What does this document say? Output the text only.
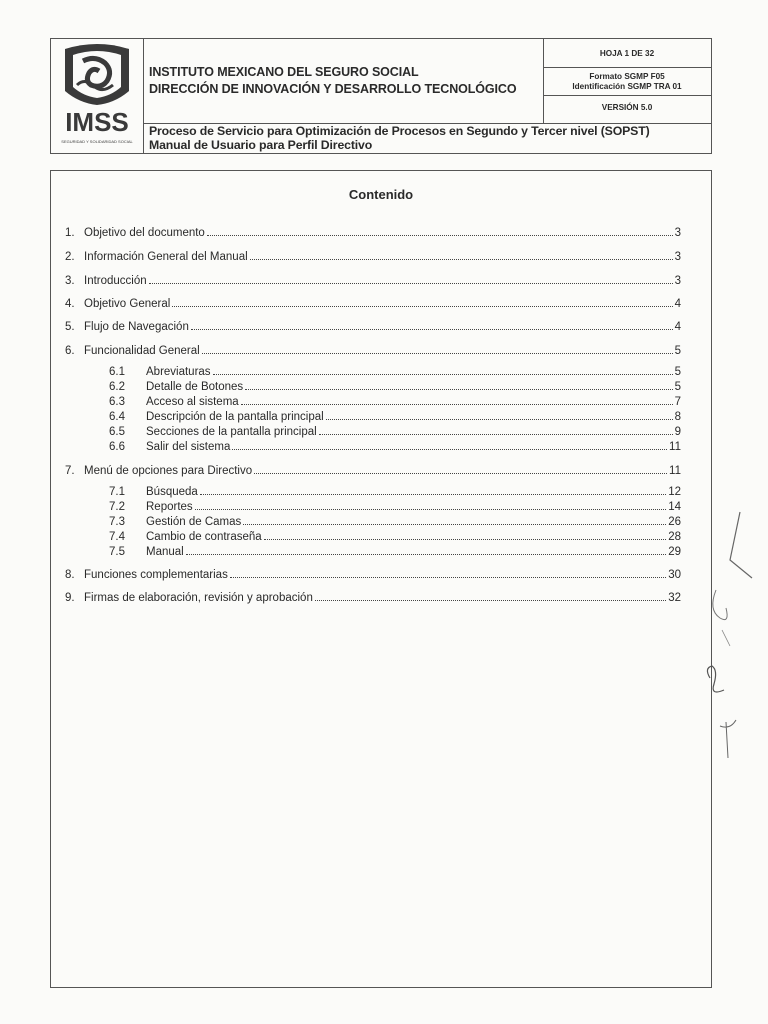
IMSS
SEGURIDAD Y SOLIDARIDAD SOCIAL
INSTITUTO MEXICANO DEL SEGURO SOCIAL
DIRECCIÓN DE INNOVACIÓN Y DESARROLLO TECNOLÓGICO
HOJA 1 DE 32
Formato SGMP F05
Identificación SGMP TRA 01
VERSIÓN 5.0
Proceso de Servicio para Optimización de Procesos en Segundo y Tercer nivel (SOPST)
Manual de Usuario para Perfil Directivo
Contenido
1. Objetivo del documento	3
2. Información General del Manual	3
3. Introducción	3
4. Objetivo General	4
5. Flujo de Navegación	4
6. Funcionalidad General	5
6.1	Abreviaturas	5
6.2	Detalle de Botones	5
6.3	Acceso al sistema	7
6.4	Descripción de la pantalla principal	8
6.5	Secciones de la pantalla principal	9
6.6	Salir del sistema	11
7. Menú de opciones para Directivo	11
7.1	Búsqueda	12
7.2	Reportes	14
7.3	Gestión de Camas	26
7.4	Cambio de contraseña	28
7.5	Manual	29
8. Funciones complementarias	30
9. Firmas de elaboración, revisión y aprobación	32
